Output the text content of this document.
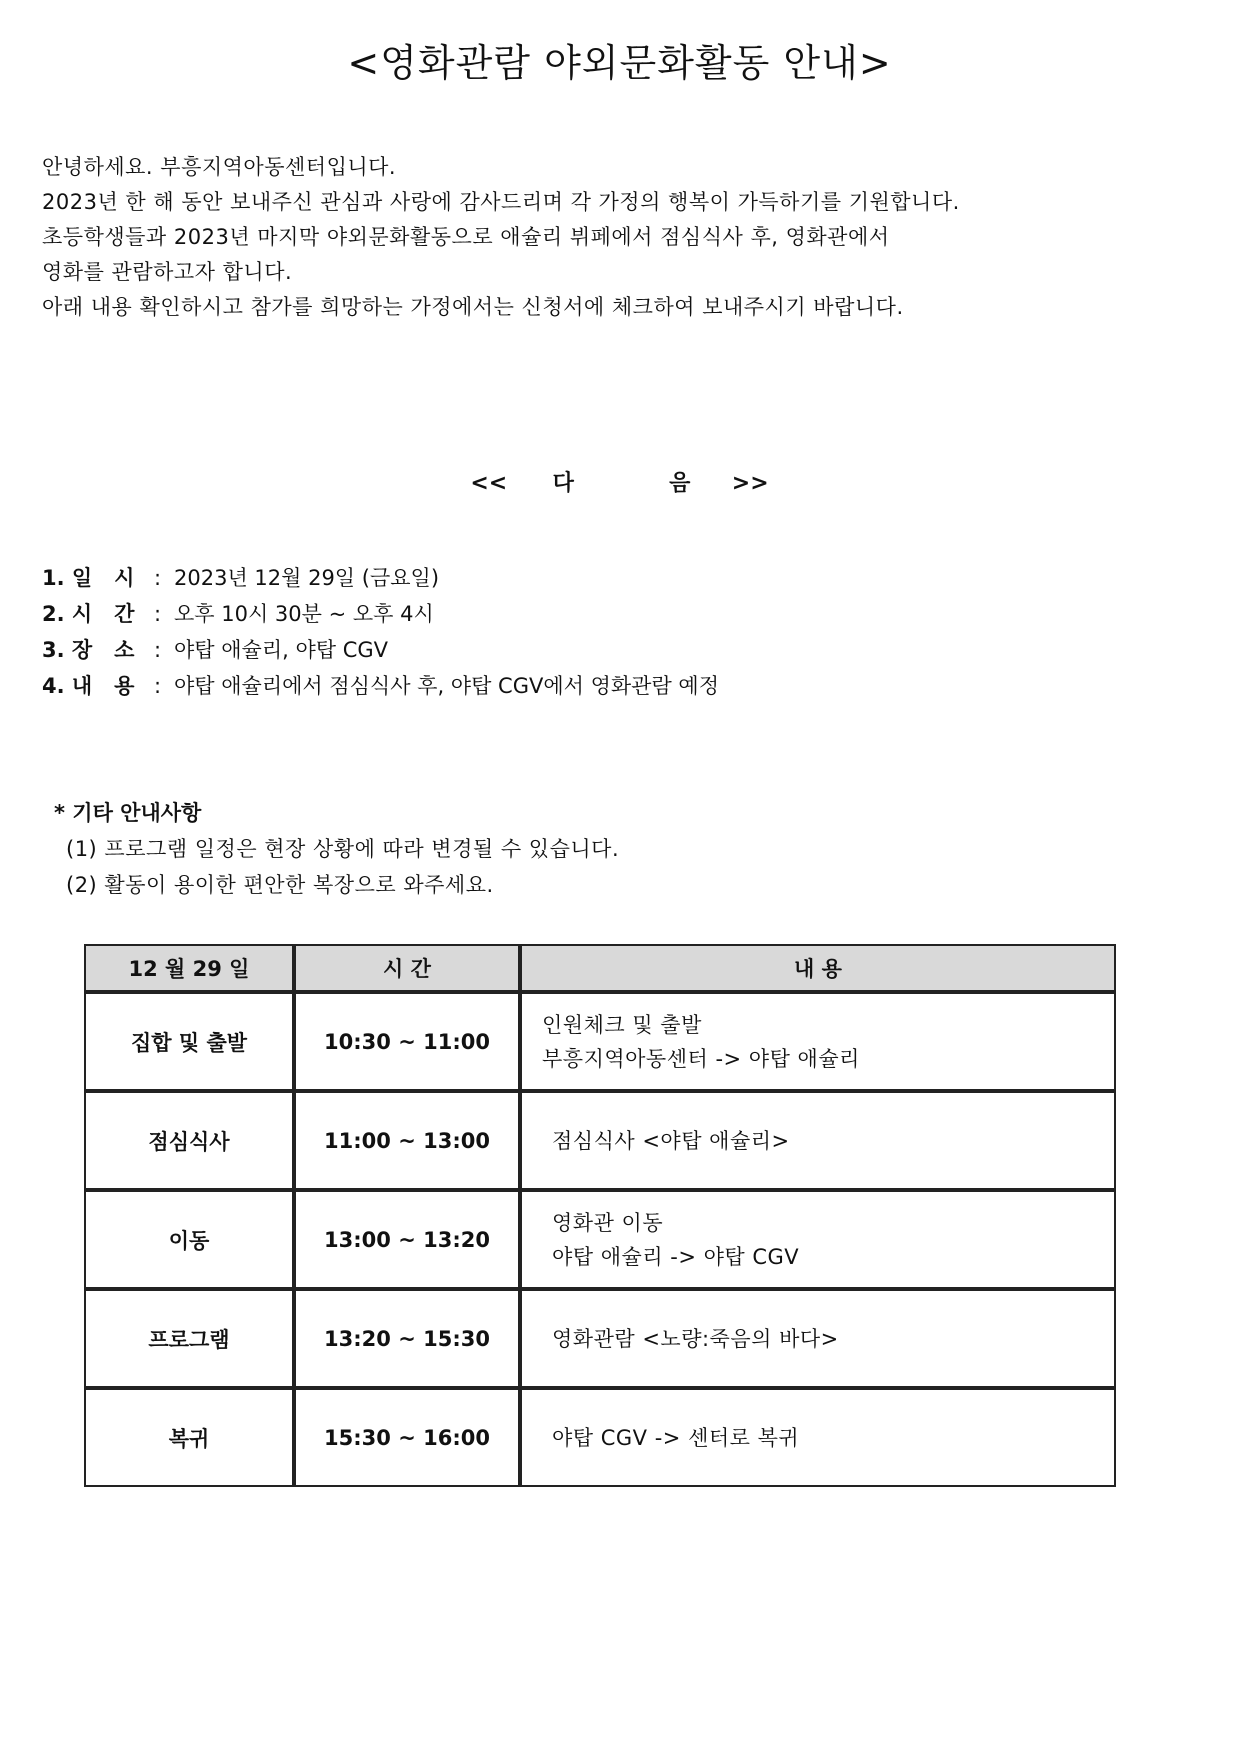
<영화관람 야외문화활동 안내>
안녕하세요. 부흥지역아동센터입니다.
2023년 한 해 동안 보내주신 관심과 사랑에 감사드리며 각 가정의 행복이 가득하기를 기원합니다.
초등학생들과 2023년 마지막 야외문화활동으로 애슐리 뷔페에서 점심식사 후, 영화관에서
영화를 관람하고자 합니다.
아래 내용 확인하시고 참가를 희망하는 가정에서는 신청서에 체크하여 보내주시기 바랍니다.
<< 다	음 >>
1. 일   시 : 2023년 12월 29일 (금요일)
2. 시   간 : 오후 10시 30분 ~ 오후 4시
3. 장   소 : 야탑 애슐리, 야탑 CGV
4. 내   용 : 야탑 애슐리에서 점심식사 후, 야탑 CGV에서 영화관람 예정
* 기타 안내사항
(1) 프로그램 일정은 현장 상황에 따라 변경될 수 있습니다.
(2) 활동이 용이한 편안한 복장으로 와주세요.
12 월 29 일	시 간	내 용
집합 및 출발	10:30 ~ 11:00	인원체크 및 출발
부흥지역아동센터 -> 야탑 애슐리

점심식사	11:00 ~ 13:00	점심식사 <야탑 애슐리>

이동	13:00 ~ 13:20	영화관 이동
야탑 애슐리 -> 야탑 CGV

프로그램	13:20 ~ 15:30	영화관람 <노량:죽음의 바다>

복귀	15:30 ~ 16:00	야탑 CGV -> 센터로 복귀
